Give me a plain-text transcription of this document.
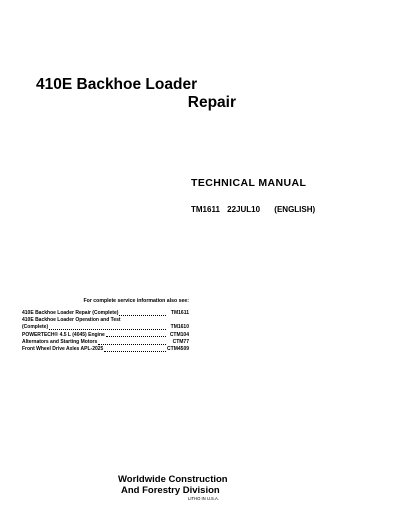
410E Backhoe Loader
Repair
TECHNICAL MANUAL
TM1611 22JUL10 (ENGLISH)
For complete service information also see:
410E Backhoe Loader Repair (Complete)	TM1611
410E Backhoe Loader Operation and Test
(Complete)	TM1610
POWERTECH® 4.5 L (4045) Engine	CTM104
Alternators and Starting Motors	CTM77
Front Wheel Drive Axles APL-2025	CTM4509
Worldwide Construction
And Forestry Division
LITHO IN U.S.A.
